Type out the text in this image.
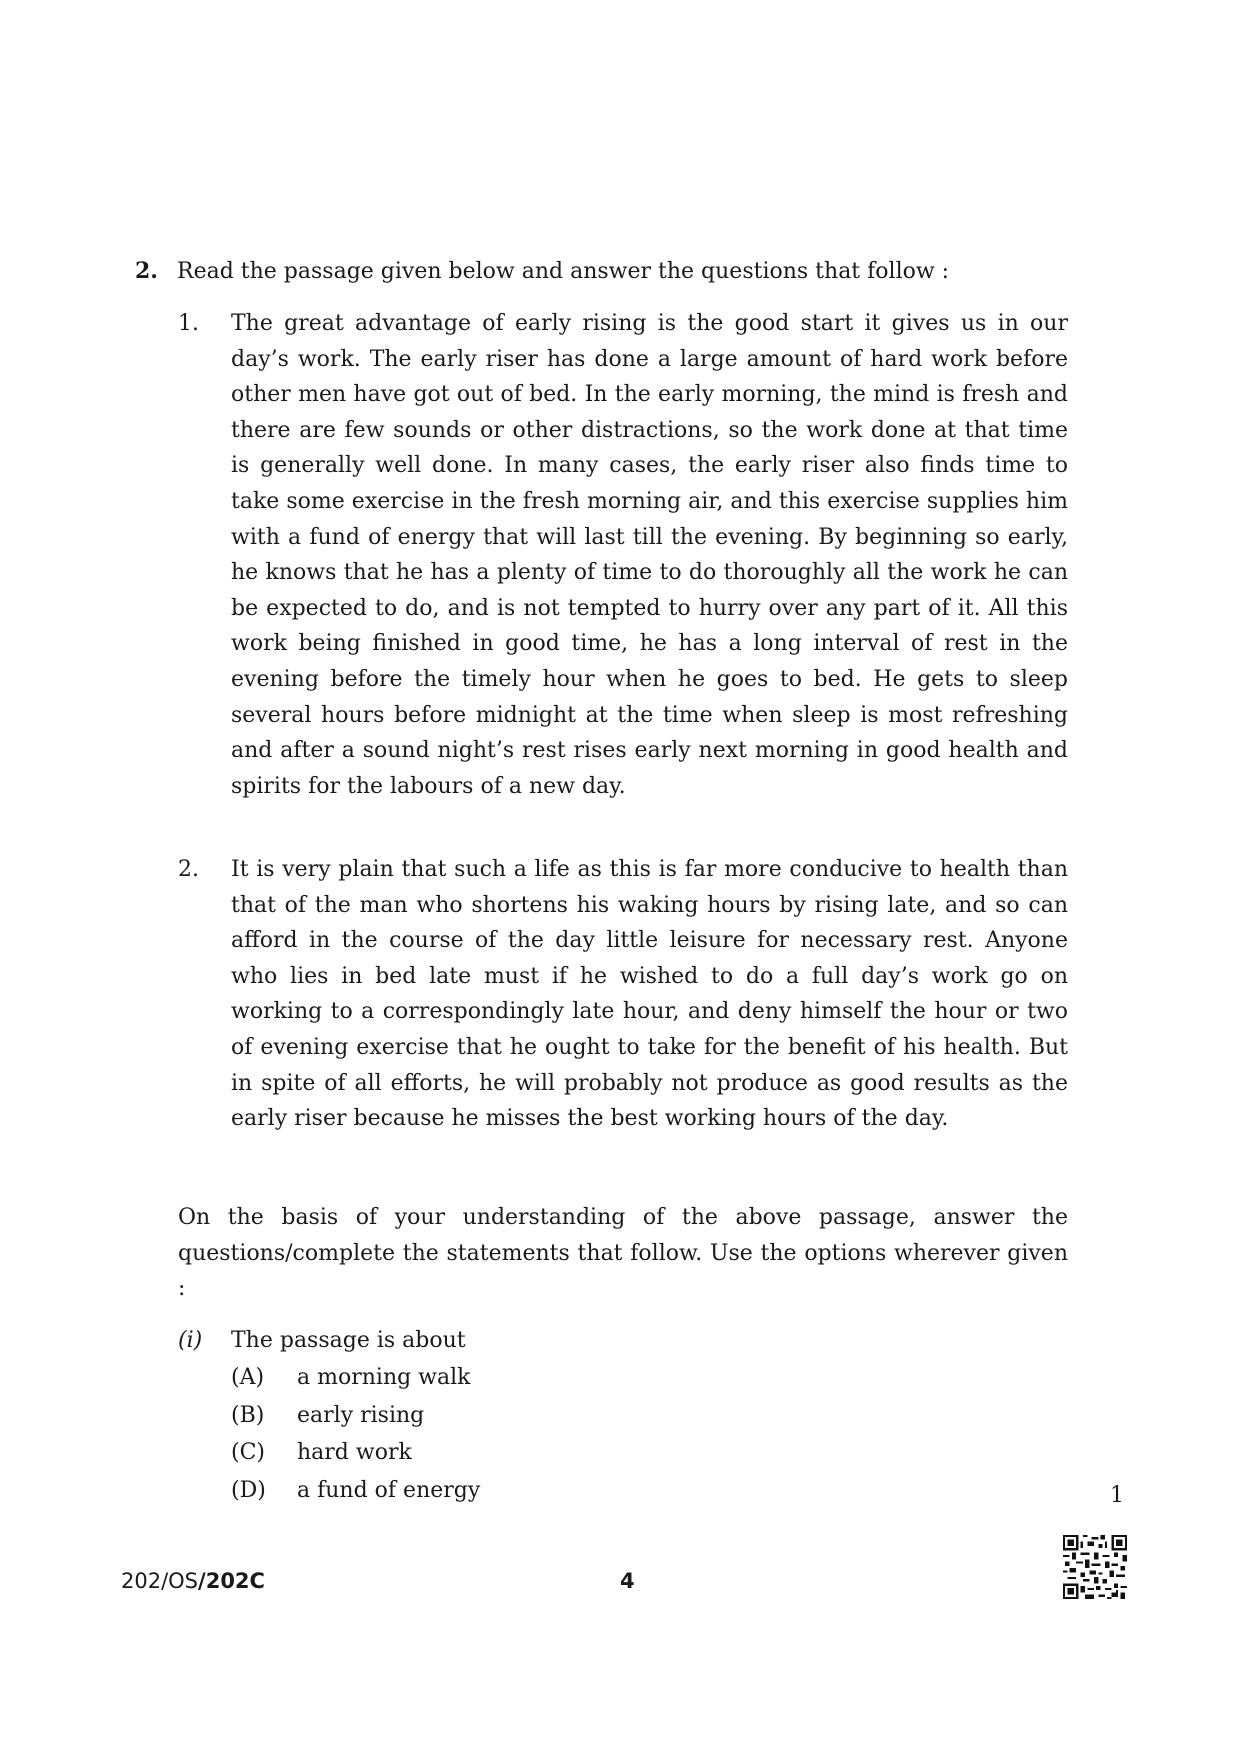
2. Read the passage given below and answer the questions that follow :
1. The great advantage of early rising is the good start it gives us in our day’s work. The early riser has done a large amount of hard work before other men have got out of bed. In the early morning, the mind is fresh and there are few sounds or other distractions, so the work done at that time is generally well done. In many cases, the early riser also finds time to take some exercise in the fresh morning air, and this exercise supplies him with a fund of energy that will last till the evening. By beginning so early, he knows that he has a plenty of time to do thoroughly all the work he can be expected to do, and is not tempted to hurry over any part of it. All this work being finished in good time, he has a long interval of rest in the evening before the timely hour when he goes to bed. He gets to sleep several hours before midnight at the time when sleep is most refreshing and after a sound night’s rest rises early next morning in good health and spirits for the labours of a new day.
2. It is very plain that such a life as this is far more conducive to health than that of the man who shortens his waking hours by rising late, and so can afford in the course of the day little leisure for necessary rest. Anyone who lies in bed late must if he wished to do a full day’s work go on working to a correspondingly late hour, and deny himself the hour or two of evening exercise that he ought to take for the benefit of his health. But in spite of all efforts, he will probably not produce as good results as the early riser because he misses the best working hours of the day.
On the basis of your understanding of the above passage, answer the questions/complete the statements that follow. Use the options wherever given :
(i) The passage is about
(A) a morning walk
(B) early rising
(C) hard work
(D) a fund of energy	1
202/OS/202C	4
